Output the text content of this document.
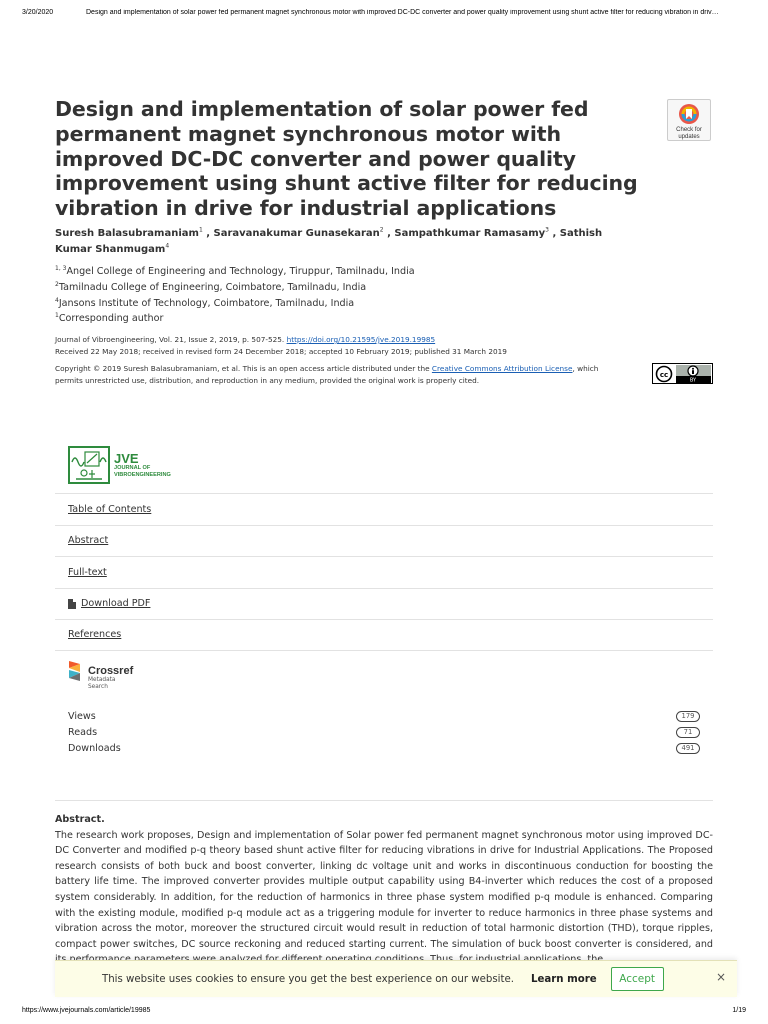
3/20/2020	Design and implementation of solar power fed permanent magnet synchronous motor with improved DC-DC converter and power quality improvement using shunt active filter for reducing vibration in driv…
Design and implementation of solar power fed permanent magnet synchronous motor with improved DC-DC converter and power quality improvement using shunt active filter for reducing vibration in drive for industrial applications
Check for updates
Suresh Balasubramaniam$^1$ , Saravanakumar Gunasekaran$^2$ , Sampathkumar Ramasamy$^3$ , Sathish Kumar Shanmugam$^4$
$^{1, 3}$Angel College of Engineering and Technology, Tiruppur, Tamilnadu, India
$^2$Tamilnadu College of Engineering, Coimbatore, Tamilnadu, India
$^4$Jansons Institute of Technology, Coimbatore, Tamilnadu, India
$^1$Corresponding author
Journal of Vibroengineering, Vol. 21, Issue 2, 2019, p. 507-525. https://doi.org/10.21595/jve.2019.19985
Received 22 May 2018; received in revised form 24 December 2018; accepted 10 February 2019; published 31 March 2019
Copyright © 2019 Suresh Balasubramaniam, et al. This is an open access article distributed under the Creative Commons Attribution License, which permits unrestricted use, distribution, and reproduction in any medium, provided the original work is properly cited.
cc
BY
JVE
JOURNAL OF
VIBROENGINEERING
Table of Contents
Abstract
Full-text
Download PDF
References
Crossref
Metadata
Search
Views	179
Reads	71
Downloads	491
Abstract.
The research work proposes, Design and implementation of Solar power fed permanent magnet synchronous motor using improved DC-DC Converter and modified p-q theory based shunt active filter for reducing vibrations in drive for Industrial Applications. The Proposed research consists of both buck and boost converter, linking dc voltage unit and works in discontinuous conduction for boosting the battery life time. The improved converter provides multiple output capability using B4-inverter which reduces the cost of a proposed system considerably. In addition, for the reduction of harmonics in three phase system modified p-q module is enhanced. Comparing with the existing module, modified p-q module act as a triggering module for inverter to reduce harmonics in three phase systems and vibration across the motor, moreover the structured circuit would result in reduction of total harmonic distortion (THD), torque ripples, compact power switches, DC source reckoning and reduced starting current. The simulation of buck boost converter is considered, and
This website uses cookies to ensure you get the best experience on our website. Learn more	Accept	×
https://www.jvejournals.com/article/19985	1/19
